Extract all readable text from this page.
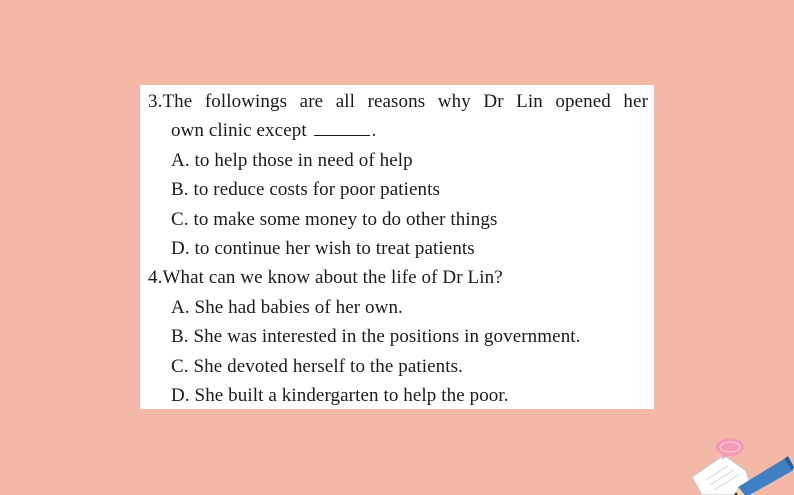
3.The followings are all reasons why Dr Lin opened her
own clinic except	.
A. to help those in need of help
B. to reduce costs for poor patients
C. to make some money to do other things
D. to continue her wish to treat patients
4.What can we know about the life of Dr Lin?
A. She had babies of her own.
B. She was interested in the positions in government.
C. She devoted herself to the patients.
D. She built a kindergarten to help the poor.
